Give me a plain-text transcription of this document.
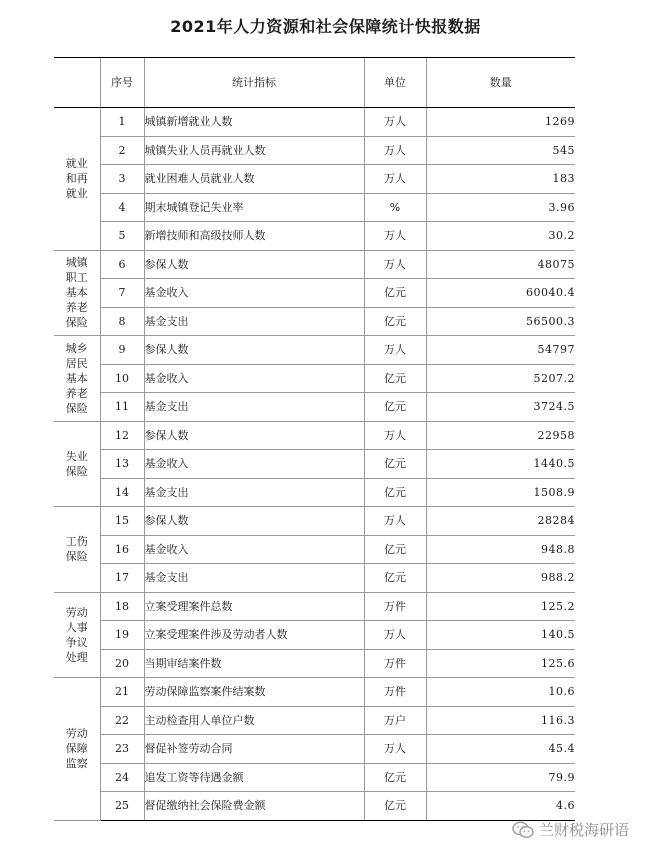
2021年人力资源和社会保障统计快报数据
	序号	统计指标	单位	数量
就业和再就业	1	城镇新增就业人数	万人	1269
	2	城镇失业人员再就业人数	万人	545
	3	就业困难人员就业人数	万人	183
	4	期末城镇登记失业率	%	3.96
	5	新增技师和高级技师人数	万人	30.2
城镇职工基本养老保险	6	参保人数	万人	48075
	7	基金收入	亿元	60040.4
	8	基金支出	亿元	56500.3
城乡居民基本养老保险	9	参保人数	万人	54797
	10	基金收入	亿元	5207.2
	11	基金支出	亿元	3724.5
失业保险	12	参保人数	万人	22958
	13	基金收入	亿元	1440.5
	14	基金支出	亿元	1508.9
工伤保险	15	参保人数	万人	28284
	16	基金收入	亿元	948.8
	17	基金支出	亿元	988.2
劳动人事争议处理	18	立案受理案件总数	万件	125.2
	19	立案受理案件涉及劳动者人数	万人	140.5
	20	当期审结案件数	万件	125.6
劳动保障监察	21	劳动保障监察案件结案数	万件	10.6
	22	主动检查用人单位户数	万户	116.3
	23	督促补签劳动合同	万人	45.4
	24	追发工资等待遇金额	亿元	79.9
	25	督促缴纳社会保险费金额	亿元	4.6
兰财税海研语
